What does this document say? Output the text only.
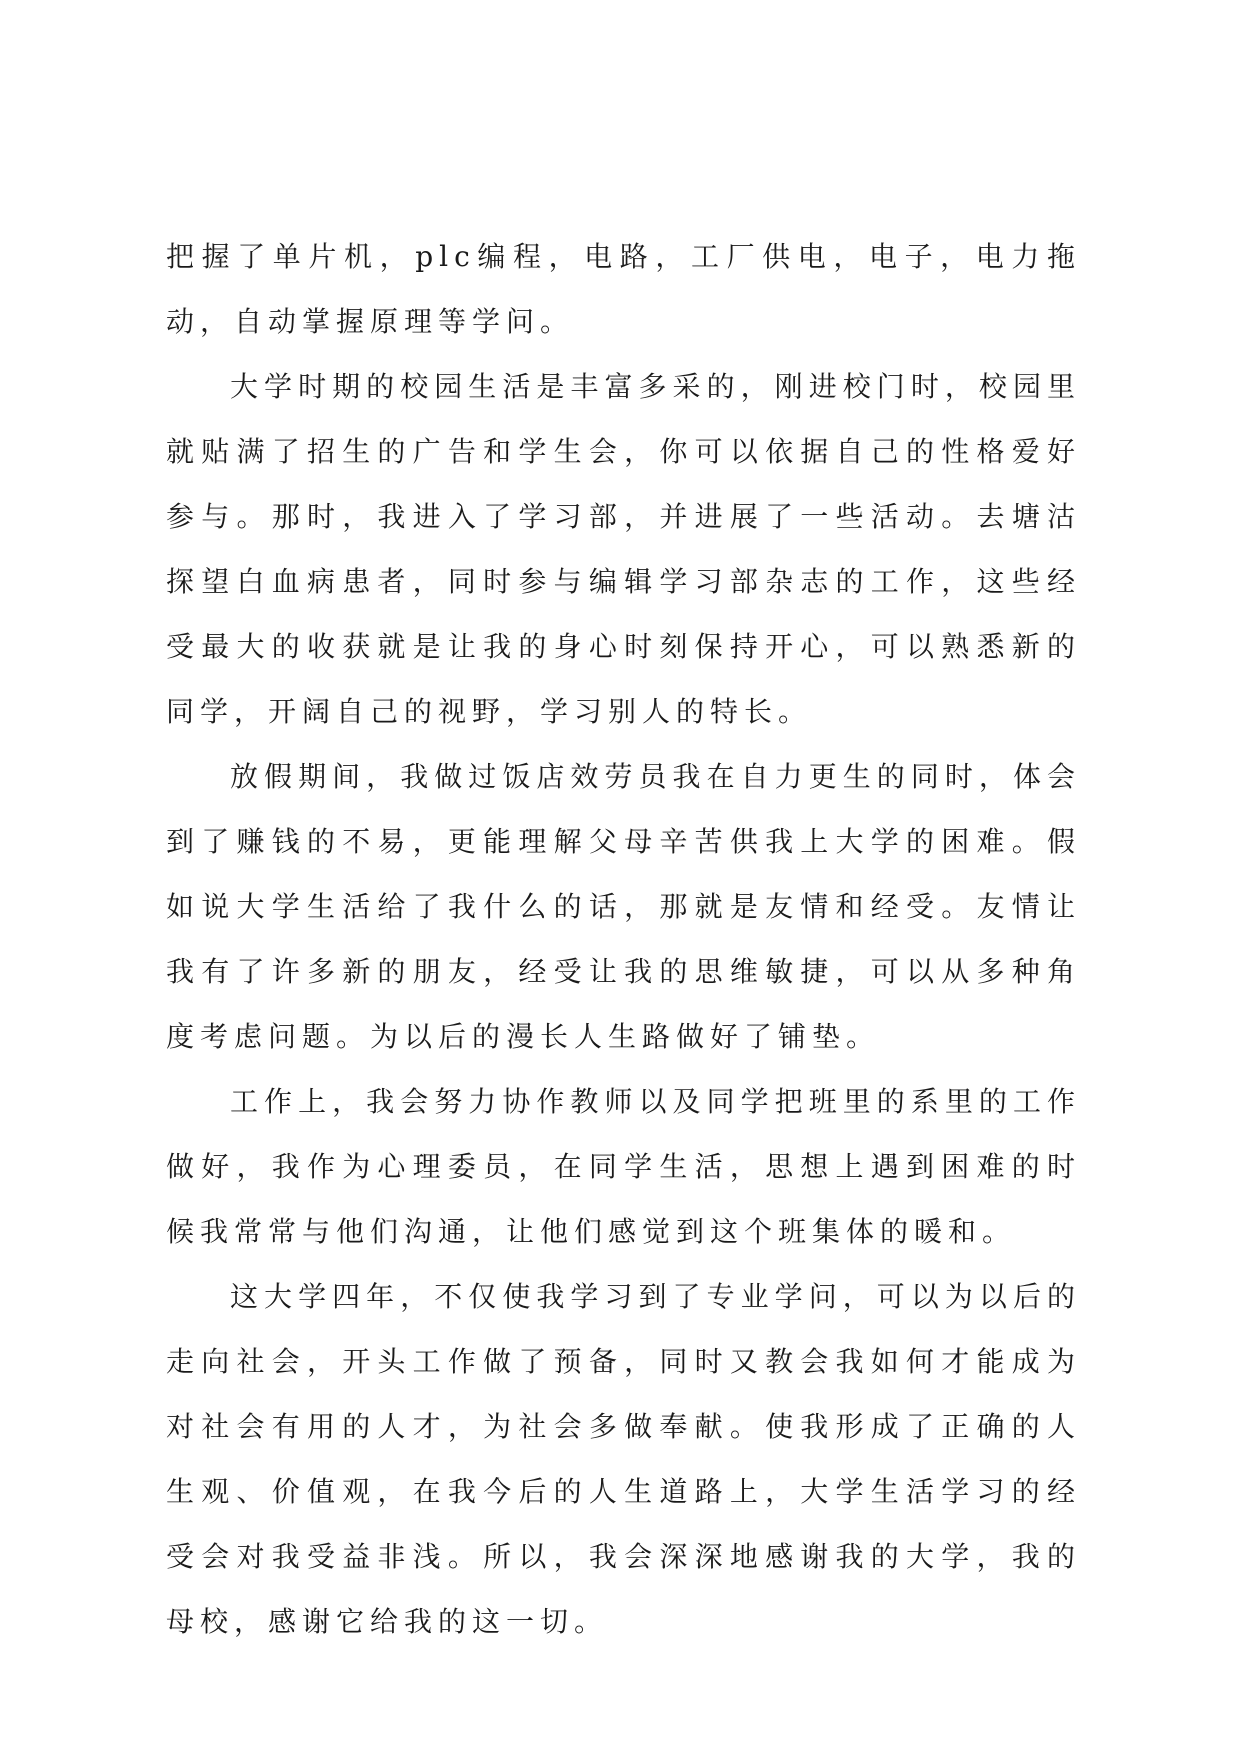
把握了单片机，plc编程，电路，工厂供电，电子，电力拖动，自动掌握原理等学问。

大学时期的校园生活是丰富多采的，刚进校门时，校园里就贴满了招生的广告和学生会，你可以依据自己的性格爱好参与。那时，我进入了学习部，并进展了一些活动。去塘沽探望白血病患者，同时参与编辑学习部杂志的工作，这些经受最大的收获就是让我的身心时刻保持开心，可以熟悉新的同学，开阔自己的视野，学习别人的特长。

放假期间，我做过饭店效劳员我在自力更生的同时，体会到了赚钱的不易，更能理解父母辛苦供我上大学的困难。假如说大学生活给了我什么的话，那就是友情和经受。友情让我有了许多新的朋友，经受让我的思维敏捷，可以从多种角度考虑问题。为以后的漫长人生路做好了铺垫。

工作上，我会努力协作教师以及同学把班里的系里的工作做好，我作为心理委员，在同学生活，思想上遇到困难的时候我常常与他们沟通，让他们感觉到这个班集体的暖和。

这大学四年，不仅使我学习到了专业学问，可以为以后的走向社会，开头工作做了预备，同时又教会我如何才能成为对社会有用的人才，为社会多做奉献。使我形成了正确的人生观、价值观，在我今后的人生道路上，大学生活学习的经受会对我受益非浅。所以，我会深深地感谢我的大学，我的母校，感谢它给我的这一切。
